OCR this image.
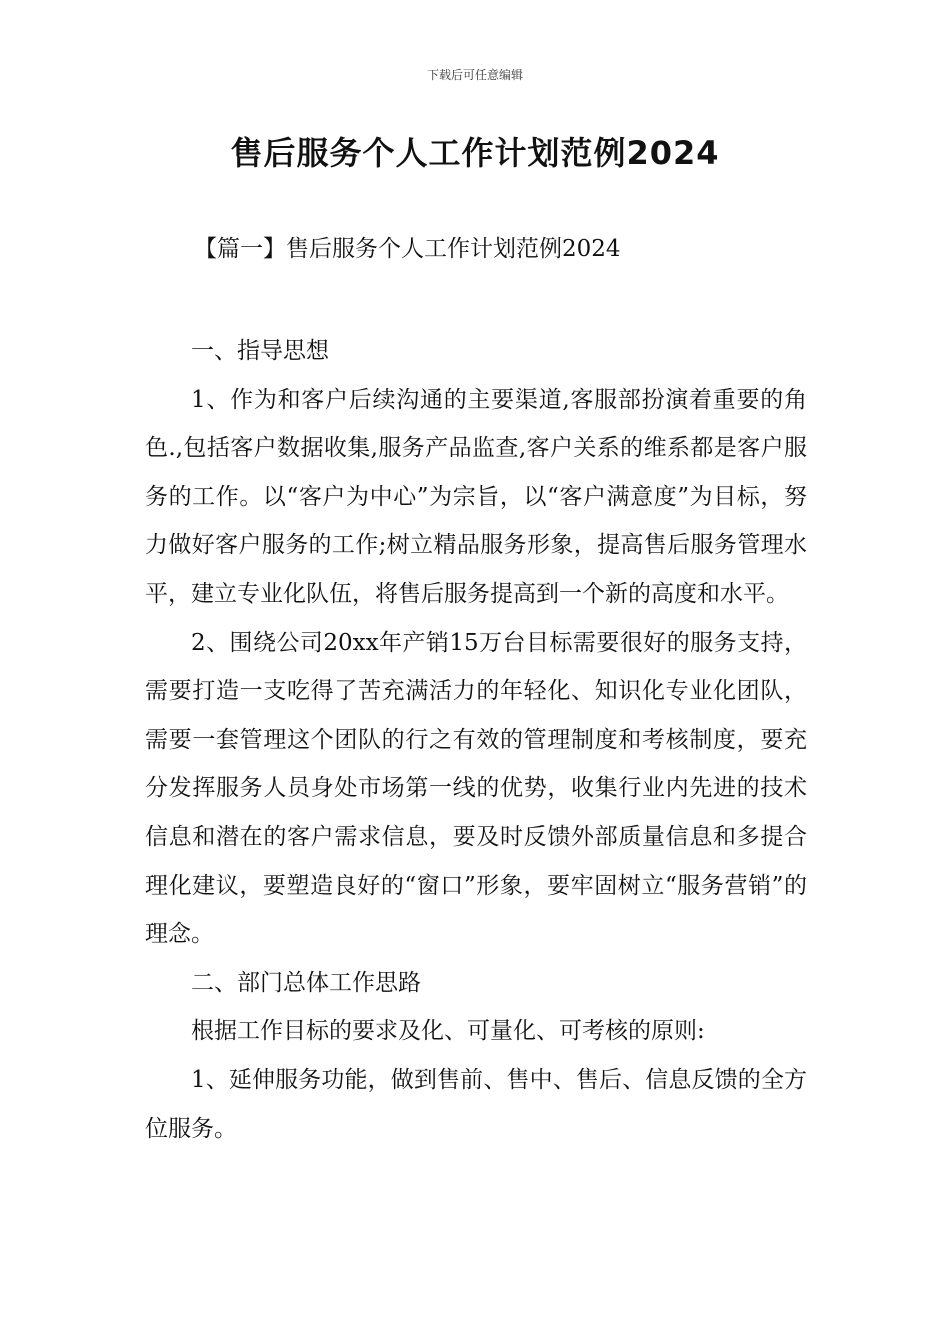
下载后可任意编辑
售后服务个人工作计划范例2024
【篇一】售后服务个人工作计划范例2024

一、指导思想

1、作为和客户后续沟通的主要渠道,客服部扮演着重要的角色.,包括客户数据收集,服务产品监查,客户关系的维系都是客户服务的工作。以“客户为中心”为宗旨，以“客户满意度”为目标，努力做好客户服务的工作;树立精品服务形象，提高售后服务管理水平，建立专业化队伍，将售后服务提高到一个新的高度和水平。

2、围绕公司20xx年产销15万台目标需要很好的服务支持，需要打造一支吃得了苦充满活力的年轻化、知识化专业化团队，需要一套管理这个团队的行之有效的管理制度和考核制度，要充分发挥服务人员身处市场第一线的优势，收集行业内先进的技术信息和潜在的客户需求信息，要及时反馈外部质量信息和多提合理化建议，要塑造良好的“窗口”形象，要牢固树立“服务营销”的理念。

二、部门总体工作思路

根据工作目标的要求及化、可量化、可考核的原则:

1、延伸服务功能，做到售前、售中、售后、信息反馈的全方位服务。
